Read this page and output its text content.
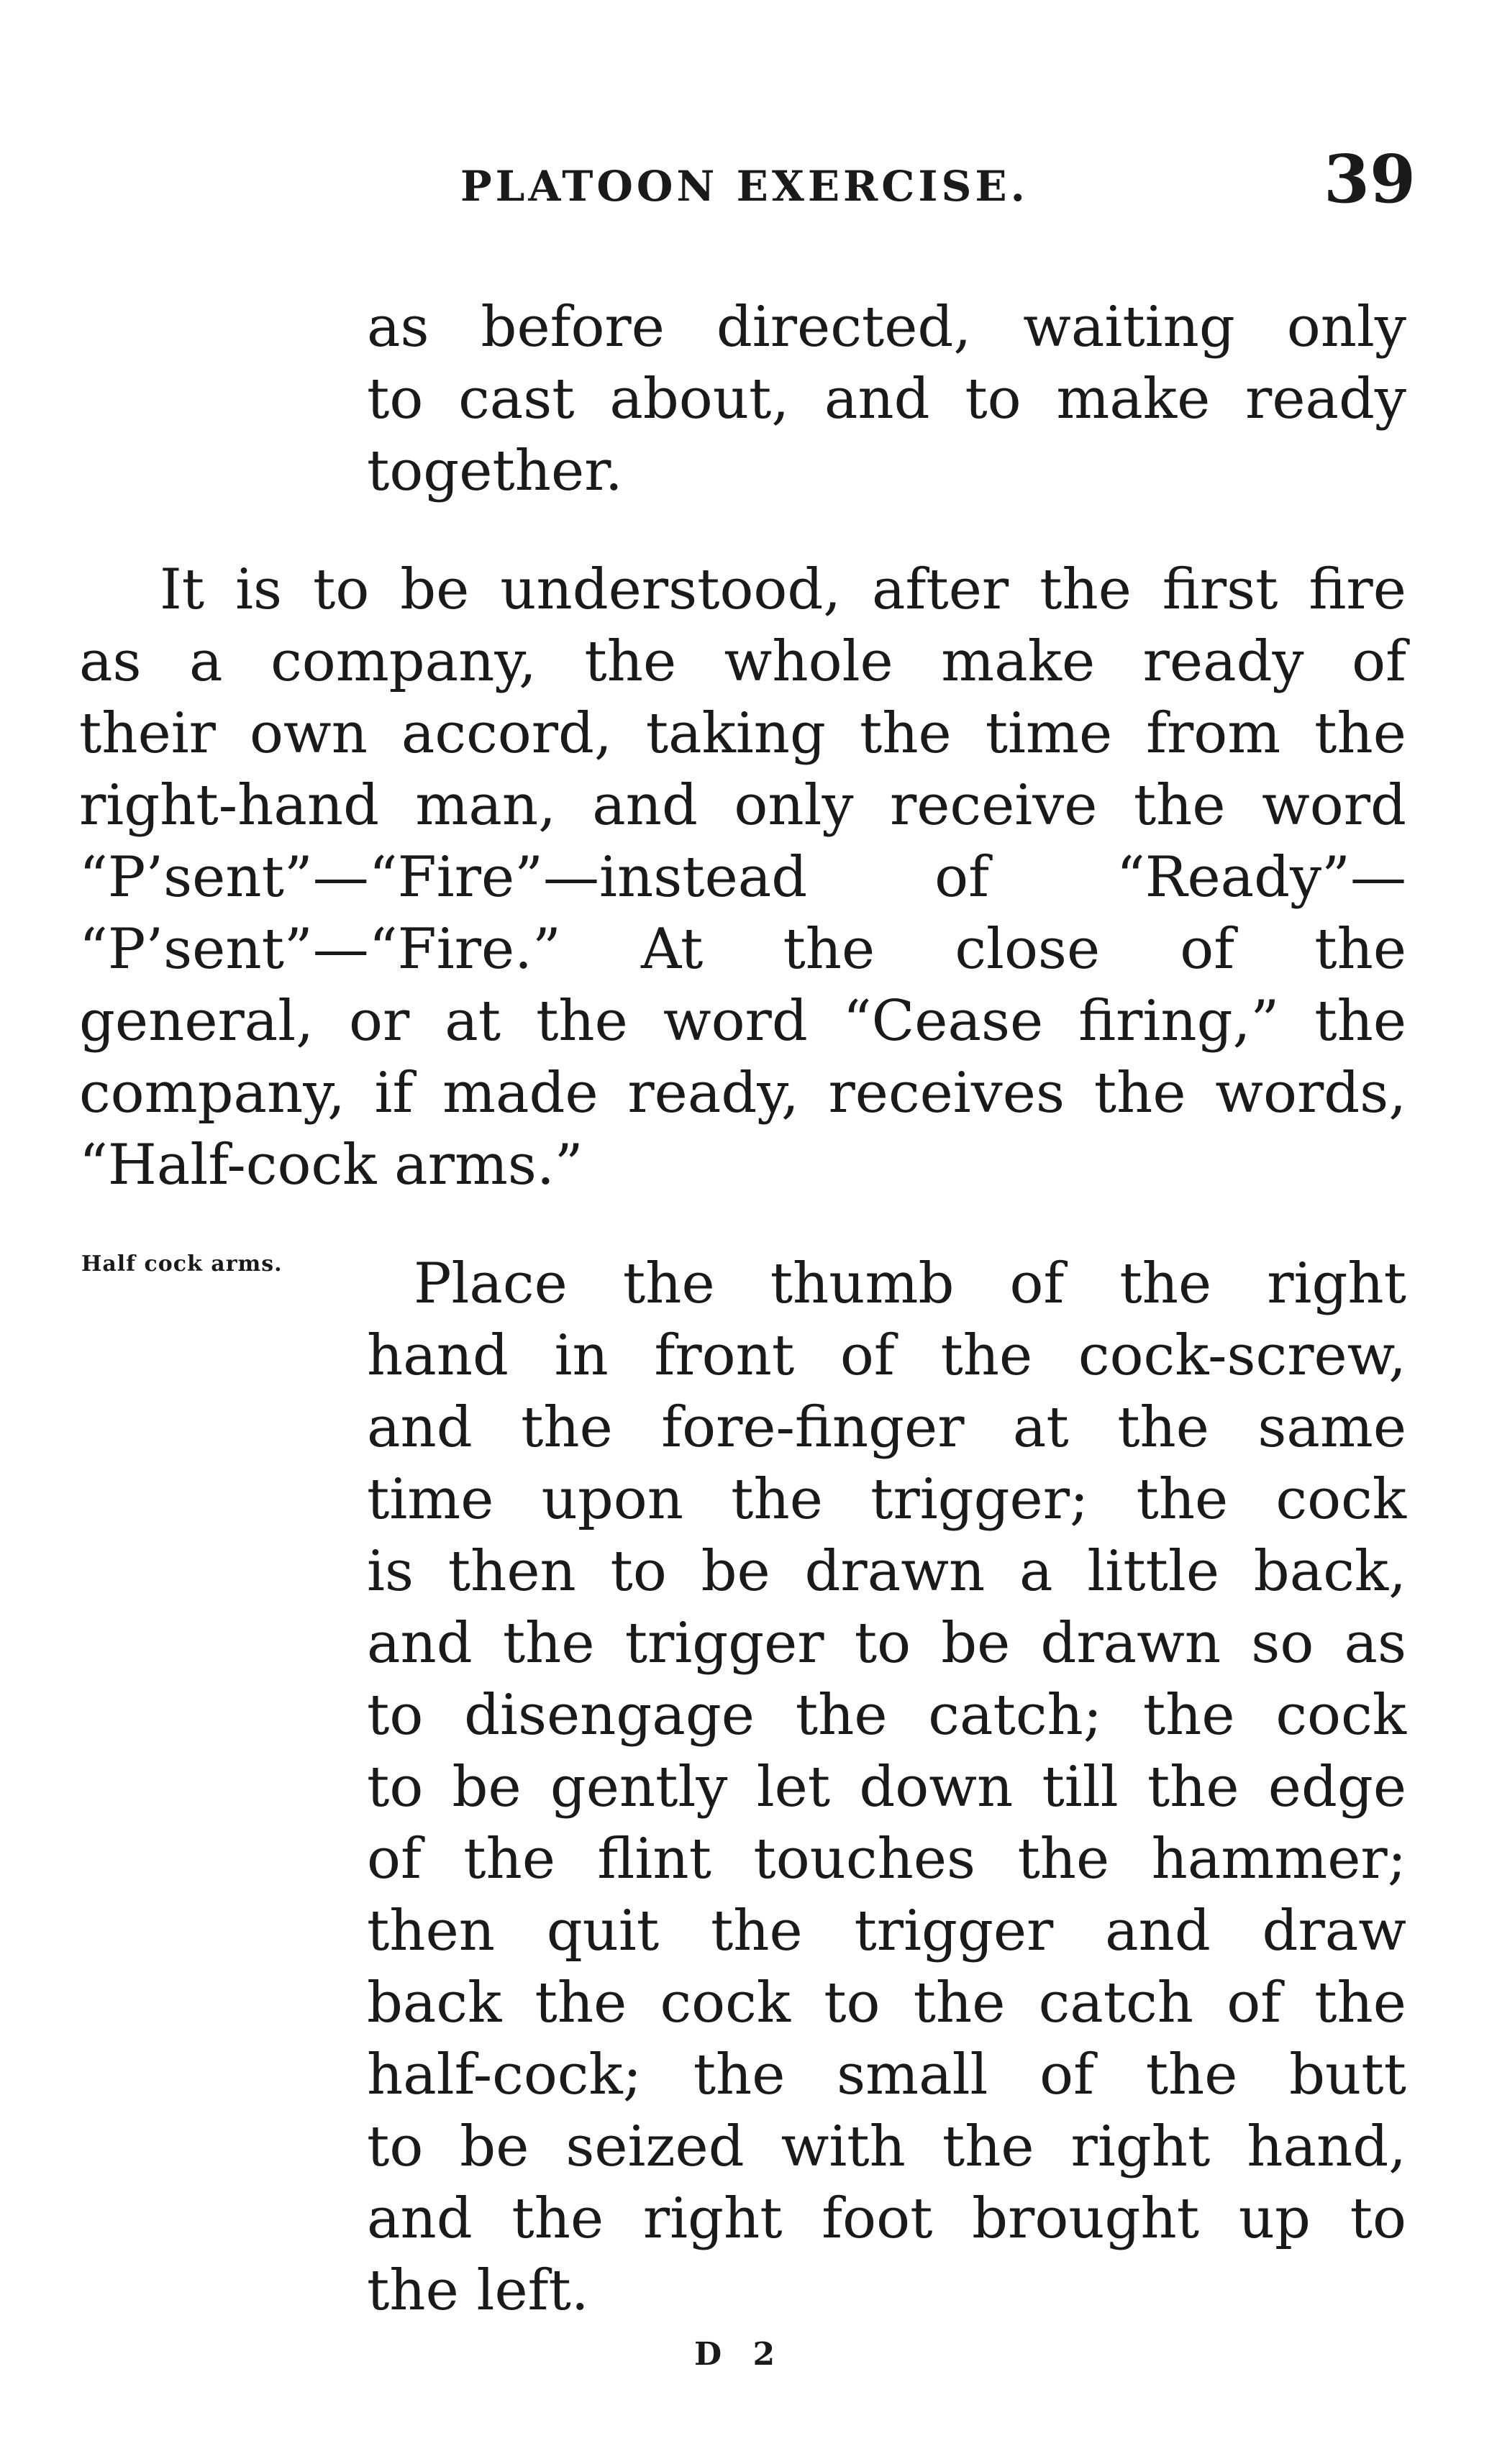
PLATOON EXERCISE.	39
as before directed, waiting only
to cast about, and to make ready
together.
It is to be understood, after the first fire
as a company, the whole make ready of
their own accord, taking the time from the
right-hand man, and only receive the word
“P’sent”—“Fire”—instead of “Ready”—
“P’sent”—“Fire.” At the close of the
general, or at the word “Cease firing,” the
company, if made ready, receives the words,
“Half-cock arms.”
Half cock arms. Place the thumb of the right
hand in front of the cock-screw,
and the fore-finger at the same
time upon the trigger; the cock
is then to be drawn a little back,
and the trigger to be drawn so as
to disengage the catch; the cock
to be gently let down till the edge
of the flint touches the hammer;
then quit the trigger and draw
back the cock to the catch of the
half-cock; the small of the butt
to be seized with the right hand,
and the right foot brought up to
the left.
D 2
